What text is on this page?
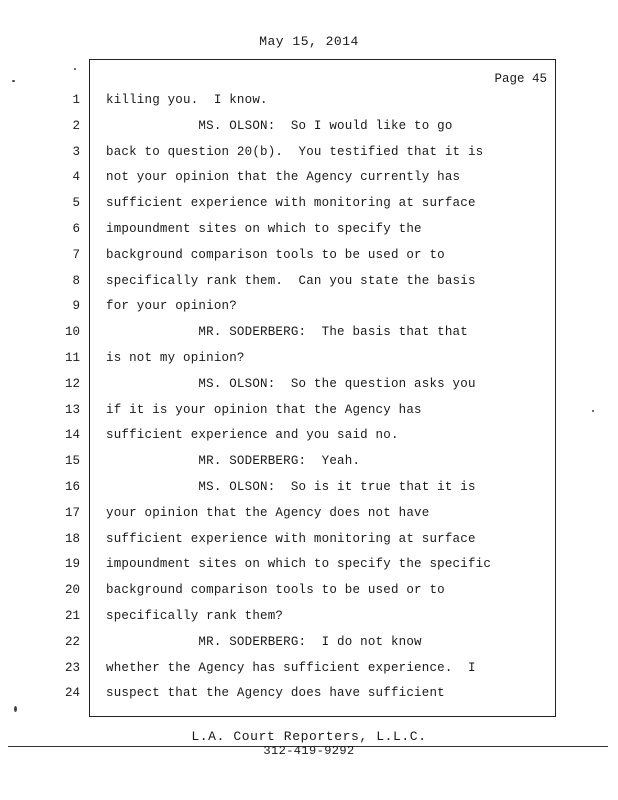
May 15, 2014
Page 45
1 killing you.  I know.
2 MS. OLSON:  So I would like to go
3 back to question 20(b).  You testified that it is
4 not your opinion that the Agency currently has
5 sufficient experience with monitoring at surface
6 impoundment sites on which to specify the
7 background comparison tools to be used or to
8 specifically rank them.  Can you state the basis
9 for your opinion?
10 MR. SODERBERG:  The basis that that
11 is not my opinion?
12 MS. OLSON:  So the question asks you
13 if it is your opinion that the Agency has
14 sufficient experience and you said no.
15 MR. SODERBERG:  Yeah.
16 MS. OLSON:  So is it true that it is
17 your opinion that the Agency does not have
18 sufficient experience with monitoring at surface
19 impoundment sites on which to specify the specific
20 background comparison tools to be used or to
21 specifically rank them?
22 MR. SODERBERG:  I do not know
23 whether the Agency has sufficient experience.  I
24 suspect that the Agency does have sufficient
L.A. Court Reporters, L.L.C.
312-419-9292
